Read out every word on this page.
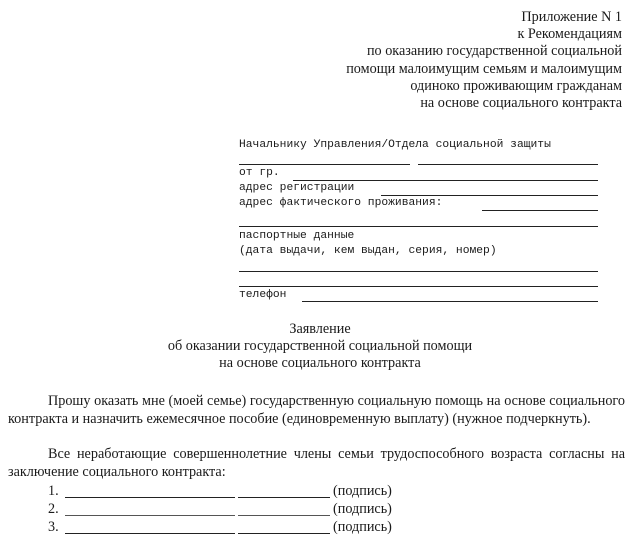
Приложение N 1
к Рекомендациям
по оказанию государственной социальной
помощи малоимущим семьям и малоимущим
одиноко проживающим гражданам
на основе социального контракта
Начальнику Управления/Отдела социальной защиты
от гр.
адрес регистрации
адрес фактического проживания:
паспортные данные
(дата выдачи, кем выдан, серия, номер)
телефон
Заявление
об оказании государственной социальной помощи
на основе социального контракта
Прошу оказать мне (моей семье) государственную социальную помощь на основе социального контракта и назначить ежемесячное пособие (единовременную выплату) (нужное подчеркнуть).
Все неработающие совершеннолетние члены семьи трудоспособного возраста согласны на заключение социального контракта:
1.	(подпись)
2.	(подпись)
3.	(подпись)
